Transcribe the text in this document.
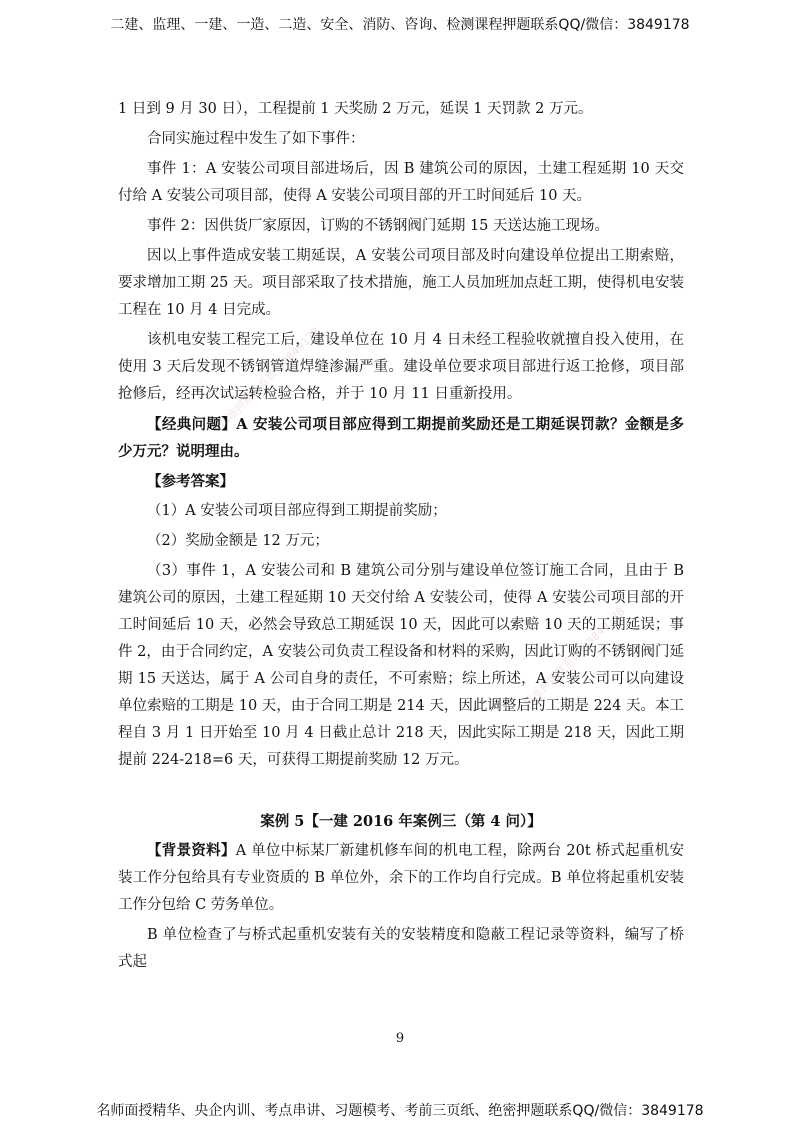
二建、监理、一建、一造、二造、安全、消防、咨询、检测课程押题联系QQ/微信：3849178
精准押题联系微信3849178
精准押题联系微信3849178

1 日到 9 月 30 日），工程提前 1 天奖励 2 万元，延误 1 天罚款 2 万元。

合同实施过程中发生了如下事件：

事件 1：A 安装公司项目部进场后，因 B 建筑公司的原因，土建工程延期 10 天交付给 A 安装公司项目部，使得 A 安装公司项目部的开工时间延后 10 天。

事件 2：因供货厂家原因，订购的不锈钢阀门延期 15 天送达施工现场。

因以上事件造成安装工期延误，A 安装公司项目部及时向建设单位提出工期索赔，要求增加工期 25 天。项目部采取了技术措施，施工人员加班加点赶工期，使得机电安装工程在 10 月 4 日完成。

该机电安装工程完工后，建设单位在 10 月 4 日未经工程验收就擅自投入使用，在使用 3 天后发现不锈钢管道焊缝渗漏严重。建设单位要求项目部进行返工抢修，项目部抢修后，经再次试运转检验合格，并于 10 月 11 日重新投用。

【经典问题】A 安装公司项目部应得到工期提前奖励还是工期延误罚款？金额是多少万元？说明理由。

【参考答案】

（1）A 安装公司项目部应得到工期提前奖励；

（2）奖励金额是 12 万元；

（3）事件 1，A 安装公司和 B 建筑公司分别与建设单位签订施工合同，且由于 B 建筑公司的原因，土建工程延期 10 天交付给 A 安装公司，使得 A 安装公司项目部的开工时间延后 10 天，必然会导致总工期延误 10 天，因此可以索赔 10 天的工期延误；事件 2，由于合同约定，A 安装公司负责工程设备和材料的采购，因此订购的不锈钢阀门延期 15 天送达，属于 A 公司自身的责任，不可索赔；综上所述，A 安装公司可以向建设单位索赔的工期是 10 天，由于合同工期是 214 天，因此调整后的工期是 224 天。本工程自 3 月 1 日开始至 10 月 4 日截止总计 218 天，因此实际工期是 218 天，因此工期提前 224-218=6 天，可获得工期提前奖励 12 万元。

案例 5【一建 2016 年案例三（第 4 问）】

【背景资料】A 单位中标某厂新建机修车间的机电工程，除两台 20t 桥式起重机安装工作分包给具有专业资质的 B 单位外，余下的工作均自行完成。B 单位将起重机安装工作分包给 C 劳务单位。

B 单位检查了与桥式起重机安装有关的安装精度和隐蔽工程记录等资料，编写了桥式起

9
名师面授精华、央企内训、考点串讲、习题模考、考前三页纸、绝密押题联系QQ/微信：3849178
